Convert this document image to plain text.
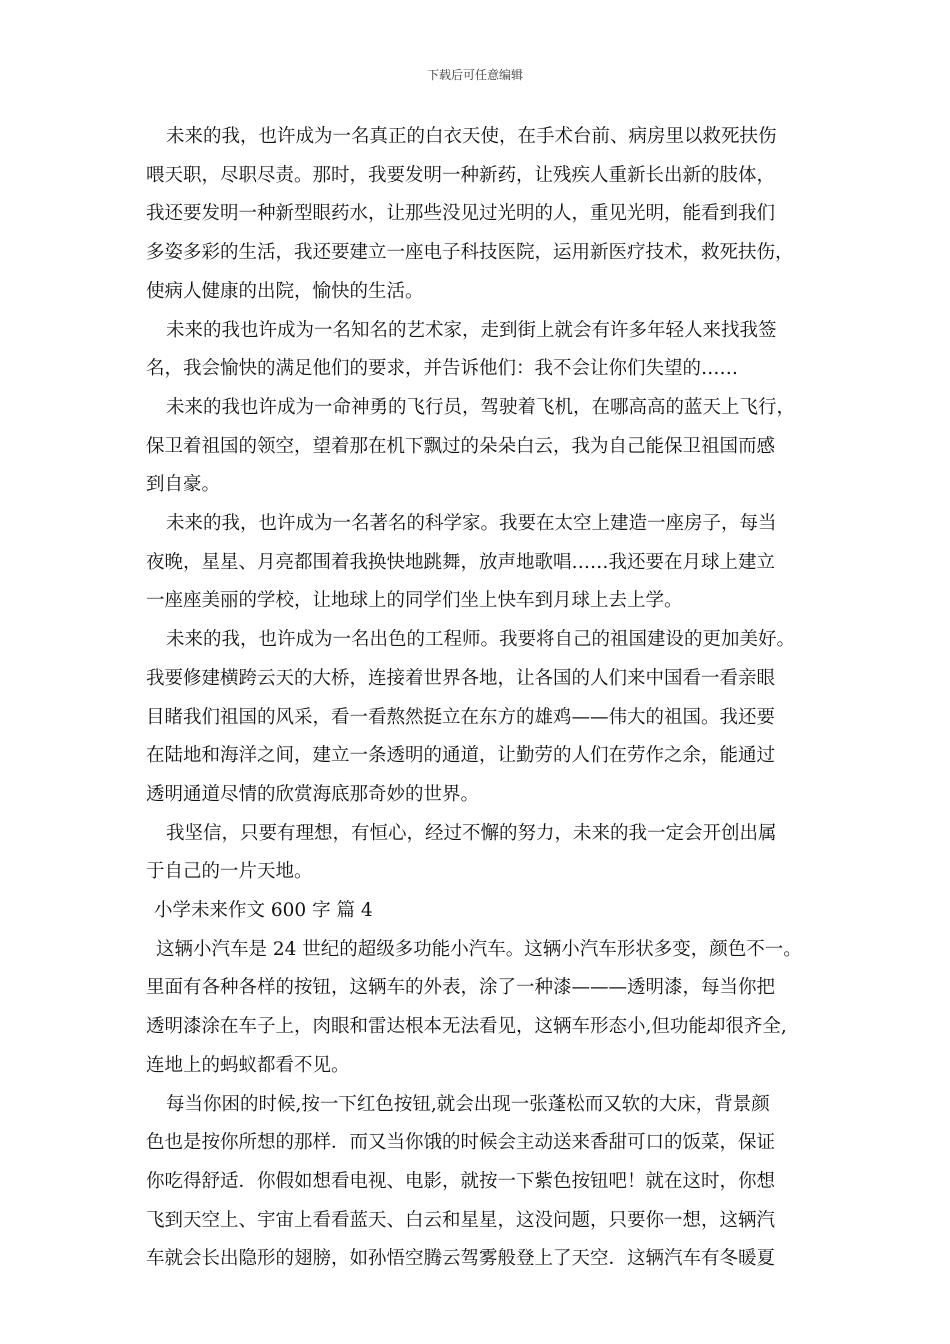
下载后可任意编辑

未来的我，也许成为一名真正的白衣天使，在手术台前、病房里以救死扶伤
喂天职，尽职尽责。那时，我要发明一种新药，让残疾人重新长出新的肢体，
我还要发明一种新型眼药水，让那些没见过光明的人，重见光明，能看到我们
多姿多彩的生活，我还要建立一座电子科技医院，运用新医疗技术，救死扶伤，
使病人健康的出院，愉快的生活。

未来的我也许成为一名知名的艺术家，走到街上就会有许多年轻人来找我签
名，我会愉快的满足他们的要求，并告诉他们：我不会让你们失望的……

未来的我也许成为一命神勇的飞行员，驾驶着飞机，在哪高高的蓝天上飞行，
保卫着祖国的领空，望着那在机下飘过的朵朵白云，我为自己能保卫祖国而感
到自豪。

未来的我，也许成为一名著名的科学家。我要在太空上建造一座房子，每当
夜晚，星星、月亮都围着我换快地跳舞，放声地歌唱……我还要在月球上建立
一座座美丽的学校，让地球上的同学们坐上快车到月球上去上学。

未来的我，也许成为一名出色的工程师。我要将自己的祖国建设的更加美好。
我要修建横跨云天的大桥，连接着世界各地，让各国的人们来中国看一看亲眼
目睹我们祖国的风采，看一看熬然挺立在东方的雄鸡——伟大的祖国。我还要
在陆地和海洋之间，建立一条透明的通道，让勤劳的人们在劳作之余，能通过
透明通道尽情的欣赏海底那奇妙的世界。

我坚信，只要有理想，有恒心，经过不懈的努力，未来的我一定会开创出属
于自己的一片天地。

小学未来作文 600 字 篇 4

这辆小汽车是 24 世纪的超级多功能小汽车。这辆小汽车形状多变，颜色不一。
里面有各种各样的按钮，这辆车的外表，涂了一种漆———透明漆，每当你把
透明漆涂在车子上，肉眼和雷达根本无法看见，这辆车形态小,但功能却很齐全,
连地上的蚂蚁都看不见。

每当你困的时候,按一下红色按钮,就会出现一张蓬松而又软的大床，背景颜
色也是按你所想的那样．而又当你饿的时候会主动送来香甜可口的饭菜，保证
你吃得舒适．你假如想看电视、电影，就按一下紫色按钮吧！就在这时，你想
飞到天空上、宇宙上看看蓝天、白云和星星，这没问题，只要你一想，这辆汽
车就会长出隐形的翅膀，如孙悟空腾云驾雾般登上了天空．这辆汽车有冬暖夏
